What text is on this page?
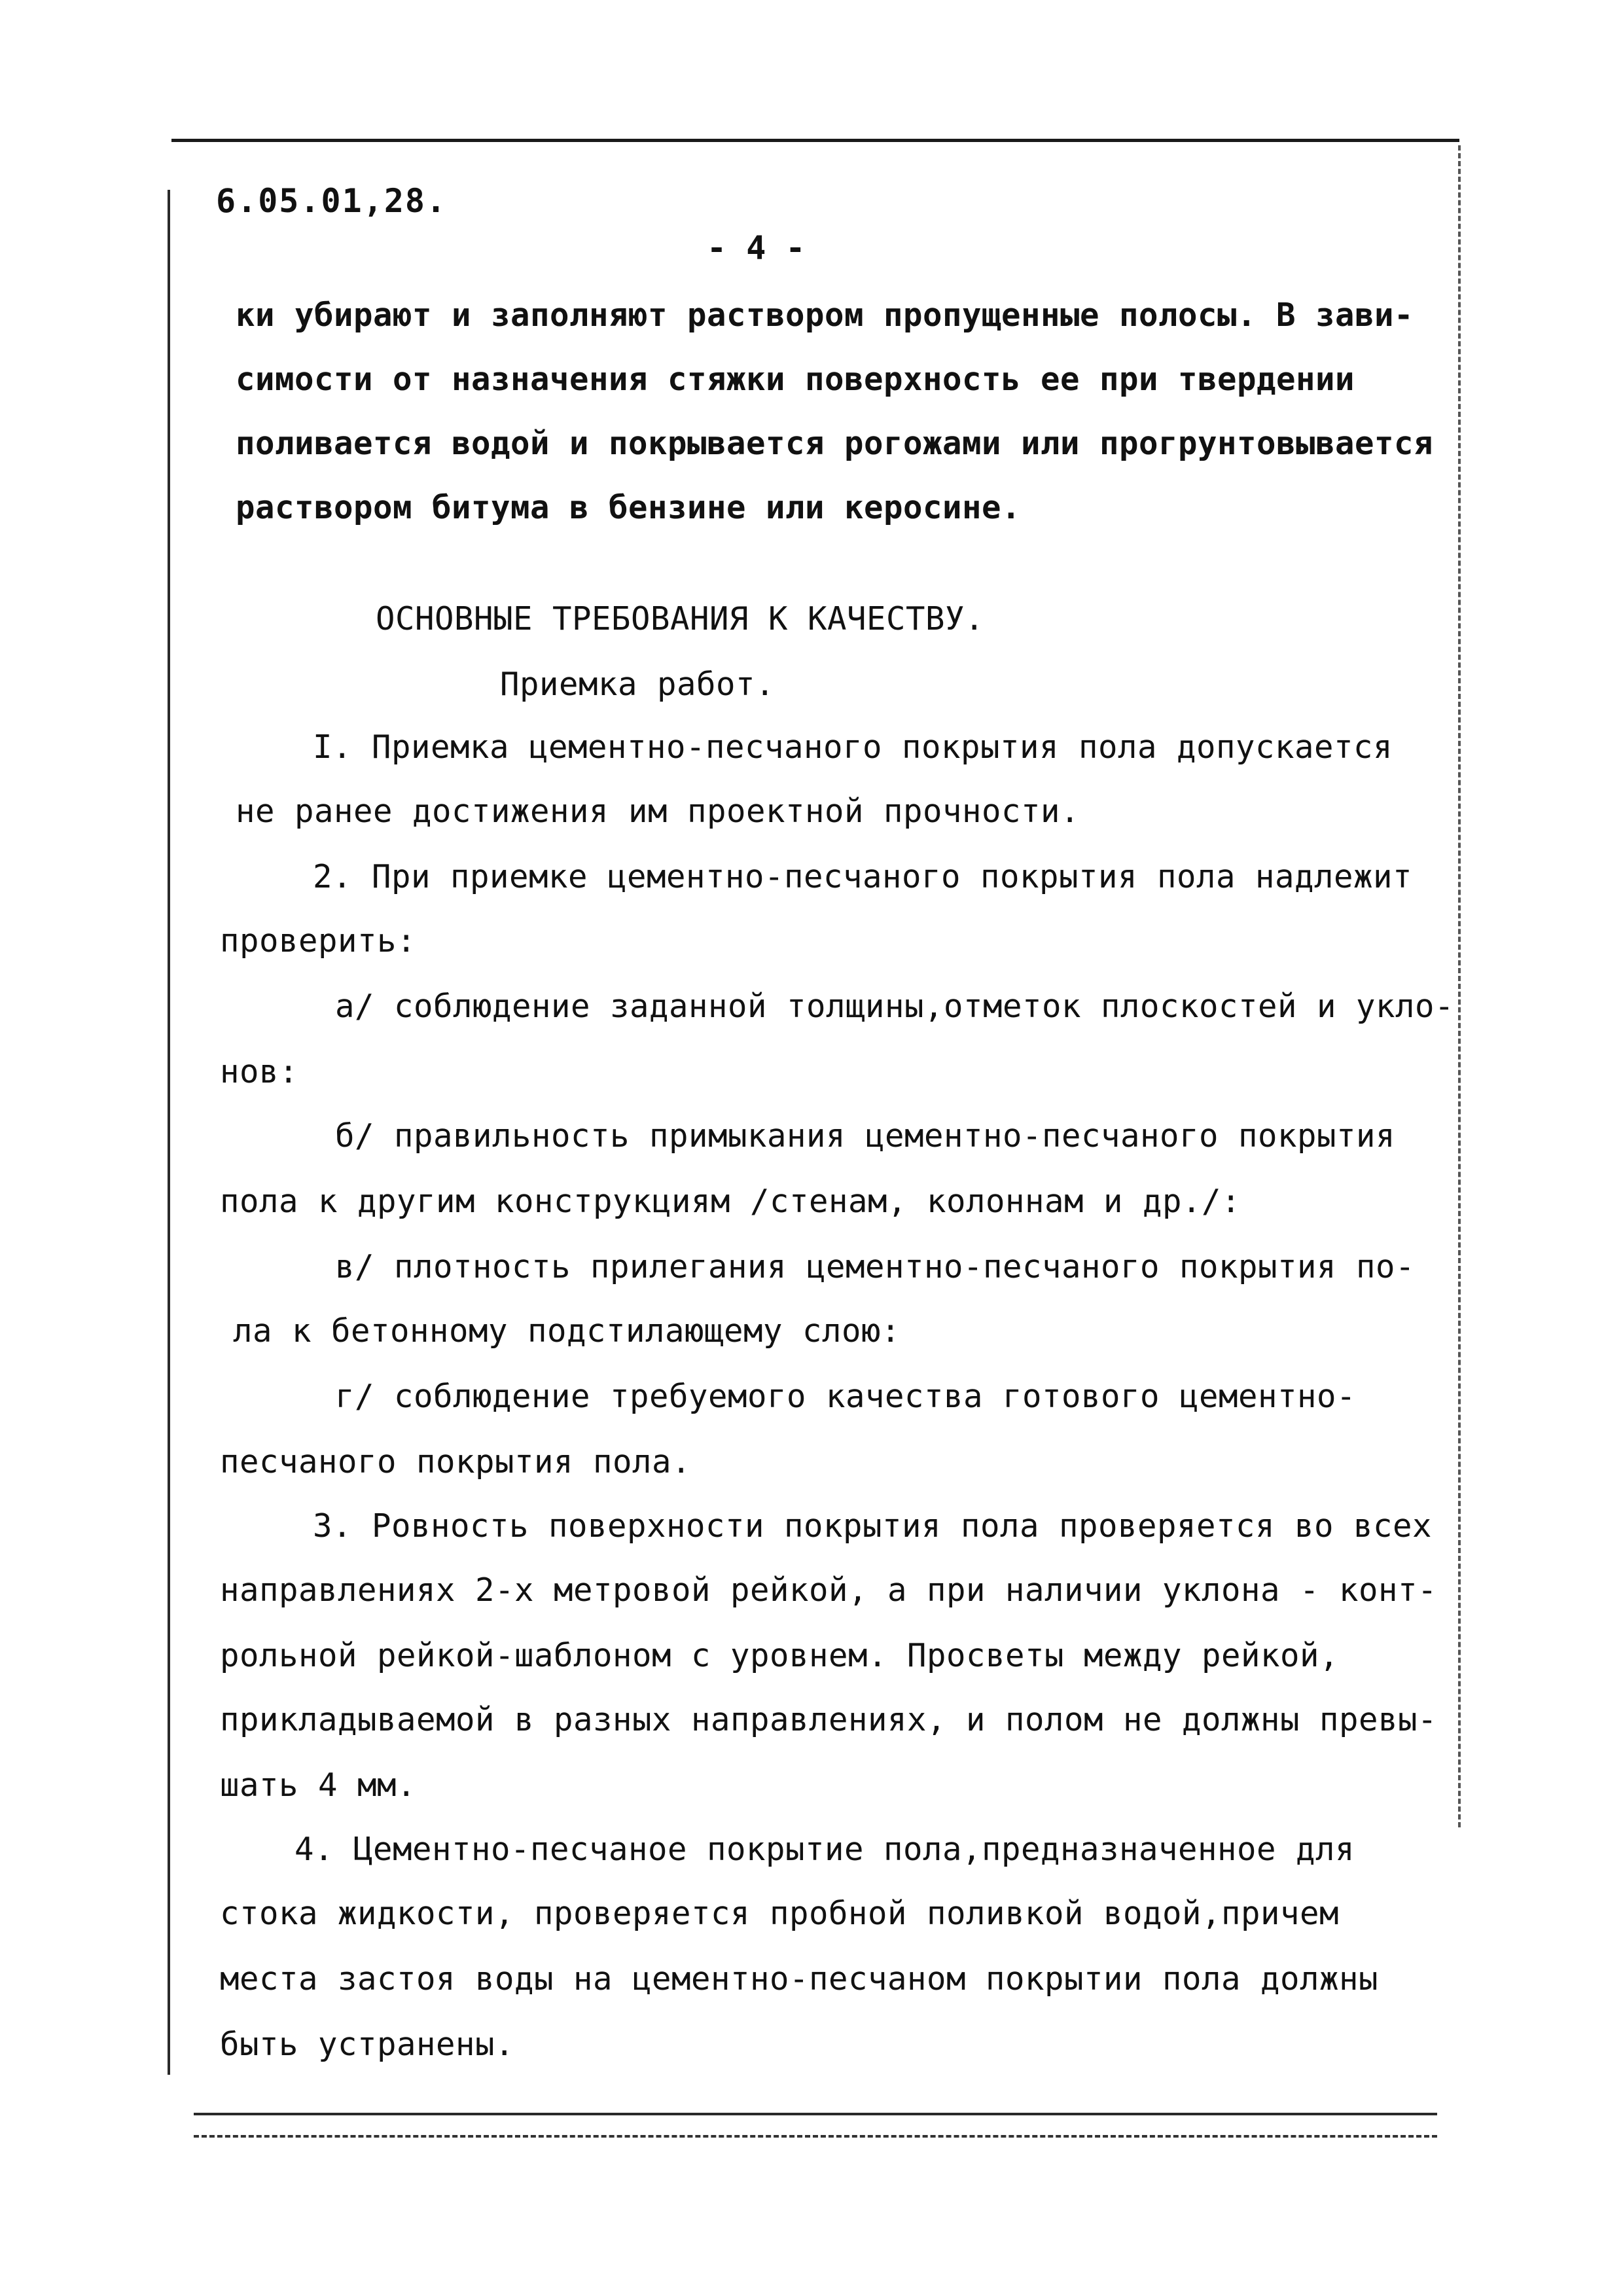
6.05.01,28.
- 4 -
ки убирают и заполняют раствором пропущенные полосы. В зави-
симости от назначения стяжки поверхность ее при твердении
поливается водой и покрывается рогожами или прогрунтовывается
раствором битума в бензине или керосине.
ОСНОВНЫЕ ТРЕБОВАНИЯ К КАЧЕСТВУ.
Приемка работ.
I. Приемка цементно-песчаного покрытия пола допускается
не ранее достижения им проектной прочности.
2. При приемке цементно-песчаного покрытия пола надлежит
проверить:
а/ соблюдение заданной толщины,отметок плоскостей и укло-
нов:
б/ правильность примыкания цементно-песчаного покрытия
пола к другим конструкциям /стенам, колоннам и др./:
в/ плотность прилегания цементно-песчаного покрытия по-
ла к бетонному подстилающему слою:
г/ соблюдение требуемого качества готового цементно-
песчаного покрытия пола.
3. Ровность поверхности покрытия пола проверяется во всех
направлениях 2-х метровой рейкой, а при наличии уклона - конт-
рольной рейкой-шаблоном с уровнем. Просветы между рейкой,
прикладываемой в разных направлениях, и полом не должны превы-
шать 4 мм.
4. Цементно-песчаное покрытие пола,предназначенное для
стока жидкости, проверяется пробной поливкой водой,причем
места застоя воды на цементно-песчаном покрытии пола должны
быть устранены.
